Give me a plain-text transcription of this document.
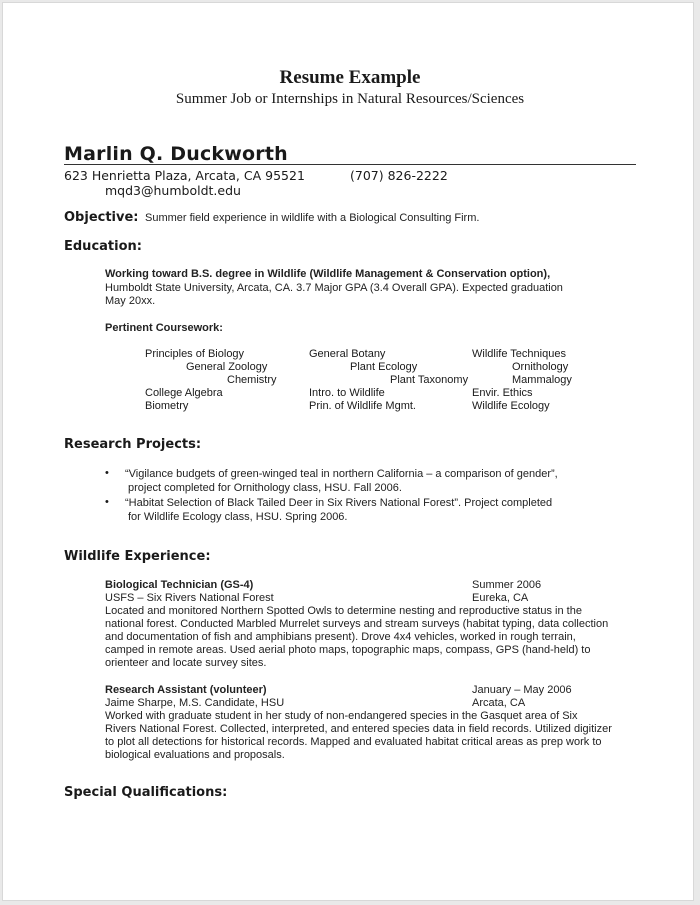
Resume Example
Summer Job or Internships in Natural Resources/Sciences
Marlin Q. Duckworth
623 Henrietta Plaza, Arcata, CA 95521	(707) 826-2222
mqd3@humboldt.edu
Objective: Summer field experience in wildlife with a Biological Consulting Firm.
Education:
Working toward B.S. degree in Wildlife (Wildlife Management & Conservation option),
Humboldt State University, Arcata, CA. 3.7 Major GPA (3.4 Overall GPA). Expected graduation
May 20xx.
Pertinent Coursework:
Principles of Biology	General Botany	Wildlife Techniques
General Zoology	Plant Ecology	Ornithology
Chemistry	Plant Taxonomy	Mammalogy
College Algebra	Intro. to Wildlife	Envir. Ethics
Biometry	Prin. of Wildlife Mgmt.	Wildlife Ecology
Research Projects:
• “Vigilance budgets of green-winged teal in northern California – a comparison of gender”,
project completed for Ornithology class, HSU. Fall 2006.
• “Habitat Selection of Black Tailed Deer in Six Rivers National Forest”. Project completed
for Wildlife Ecology class, HSU. Spring 2006.
Wildlife Experience:
Biological Technician (GS-4)	Summer 2006
USFS – Six Rivers National Forest	Eureka, CA
Located and monitored Northern Spotted Owls to determine nesting and reproductive status in the
national forest. Conducted Marbled Murrelet surveys and stream surveys (habitat typing, data collection
and documentation of fish and amphibians present). Drove 4x4 vehicles, worked in rough terrain,
camped in remote areas. Used aerial photo maps, topographic maps, compass, GPS (hand-held) to
orienteer and locate survey sites.
Research Assistant (volunteer)	January – May 2006
Jaime Sharpe, M.S. Candidate, HSU	Arcata, CA
Worked with graduate student in her study of non-endangered species in the Gasquet area of Six
Rivers National Forest. Collected, interpreted, and entered species data in field records. Utilized digitizer
to plot all detections for historical records. Mapped and evaluated habitat critical areas as prep work to
biological evaluations and proposals.
Special Qualifications:
